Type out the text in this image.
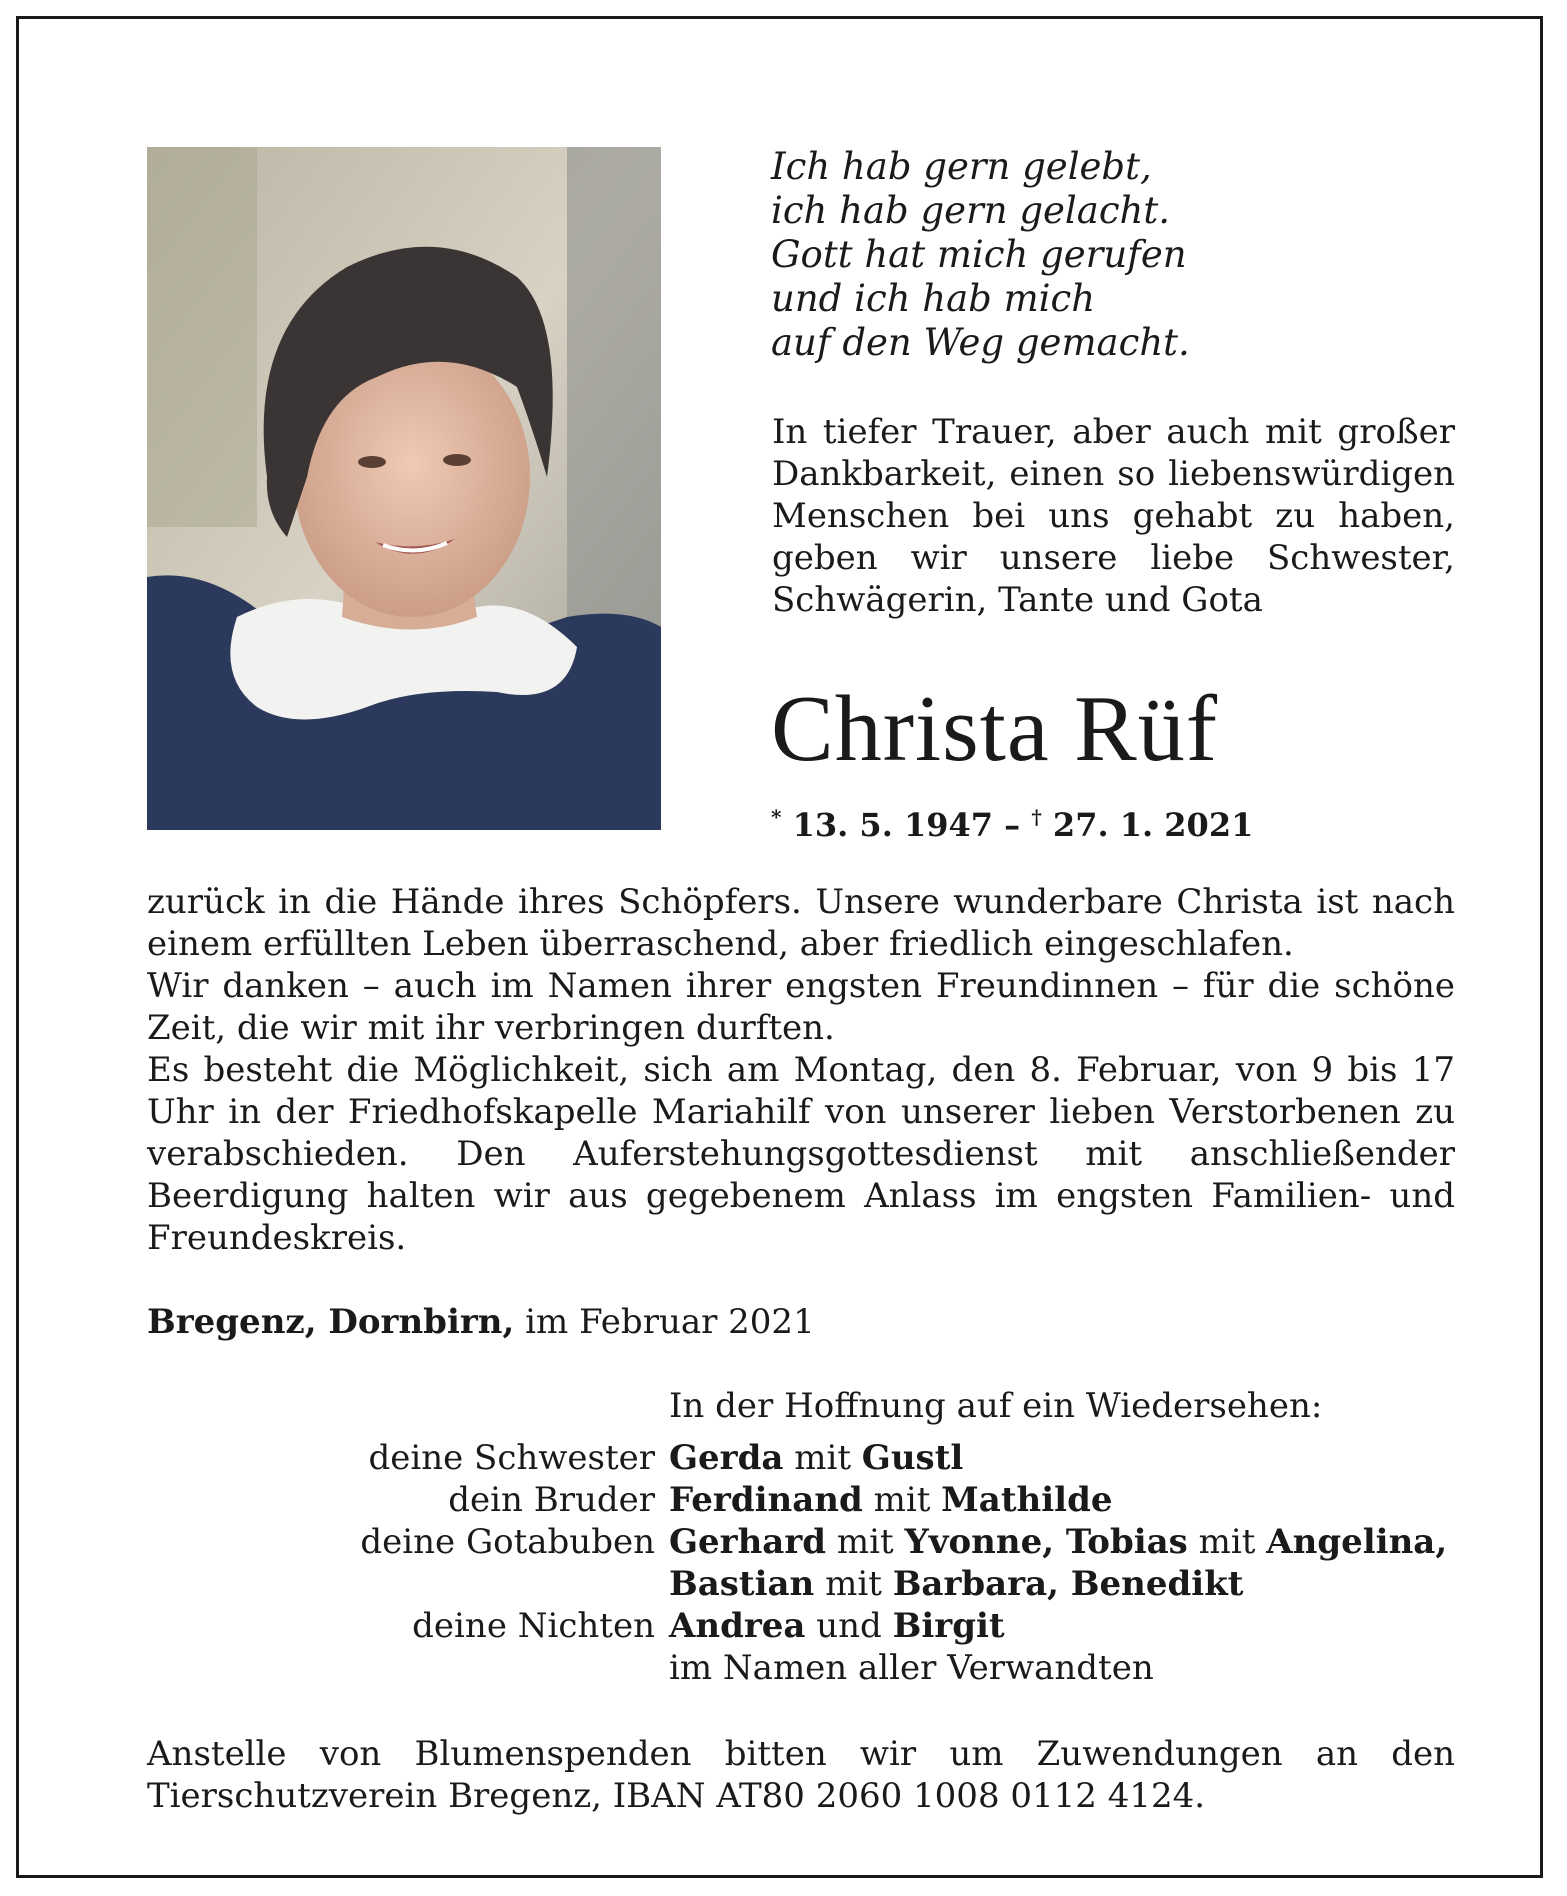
Ich hab gern gelebt,
ich hab gern gelacht.
Gott hat mich gerufen
und ich hab mich
auf den Weg gemacht.
In tiefer Trauer, aber auch mit großer Dankbarkeit, einen so liebenswürdigen Menschen bei uns gehabt zu haben, geben wir unsere liebe Schwester, Schwägerin, Tante und Gota
Christa Rüf
* 13. 5. 1947 – † 27. 1. 2021

zurück in die Hände ihres Schöpfers. Unsere wunderbare Christa ist nach einem erfüllten Leben überraschend, aber friedlich eingeschlafen.

Wir danken – auch im Namen ihrer engsten Freundinnen – für die schöne Zeit, die wir mit ihr verbringen durften.

Es besteht die Möglichkeit, sich am Montag, den 8. Februar, von 9 bis 17 Uhr in der Friedhofskapelle Mariahilf von unserer lieben Verstorbenen zu verabschieden. Den Auferstehungsgottesdienst mit anschließender Beerdigung halten wir aus gegebenem Anlass im engsten Familien- und Freundeskreis.

Bregenz, Dornbirn, im Februar 2021
In der Hoffnung auf ein Wiedersehen:
deine Schwester Gerda mit Gustl
dein Bruder Ferdinand mit Mathilde
deine Gotabuben Gerhard mit Yvonne, Tobias mit Angelina,
Bastian mit Barbara, Benedikt
deine Nichten Andrea und Birgit
im Namen aller Verwandten
Anstelle von Blumenspenden bitten wir um Zuwendungen an den Tierschutzverein Bregenz, IBAN AT80 2060 1008 0112 4124.
